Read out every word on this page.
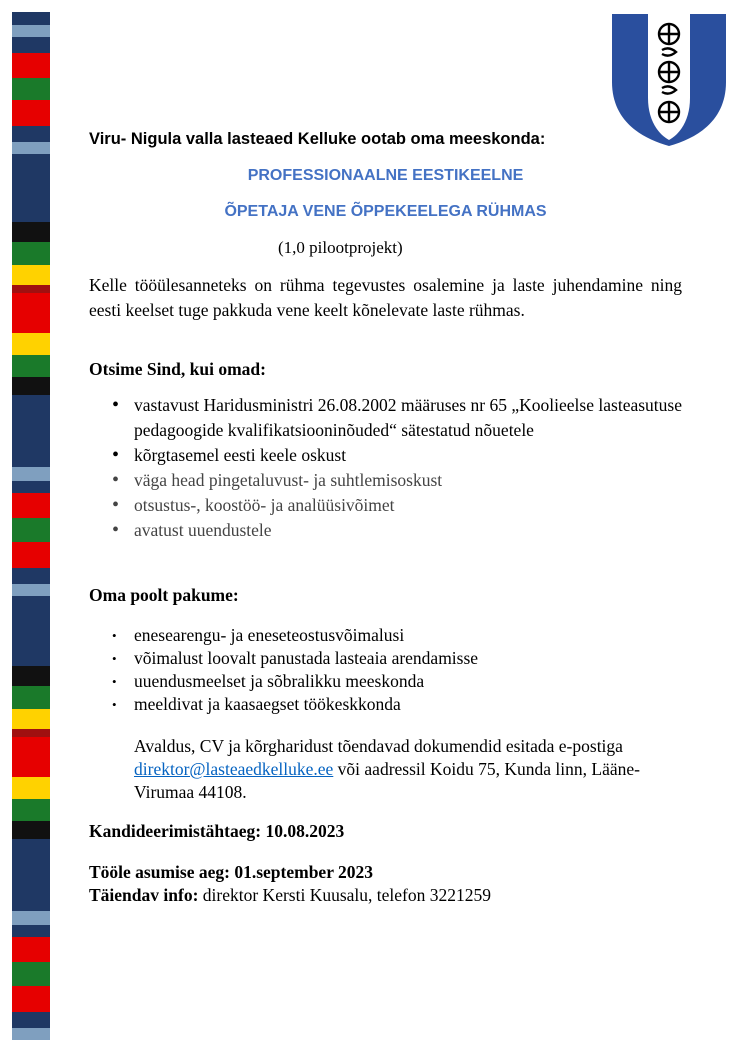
Viru- Nigula valla lasteaed Kelluke ootab oma meeskonda:
PROFESSIONAALNE EESTIKEELNE
ÕPETAJA VENE ÕPPEKEELEGA RÜHMAS
(1,0 pilootprojekt)
Kelle tööülesanneteks on rühma tegevustes osalemine ja laste juhendamine ning eesti keelset tuge pakkuda vene keelt kõnelevate laste rühmas.
Otsime Sind, kui omad:
• vastavust Haridusministri 26.08.2002 määruses nr 65 „Koolieelse lasteasutuse pedagoogide kvalifikatsiooninõuded“ sätestatud nõuetele
• kõrgtasemel eesti keele oskust
• väga head pingetaluvust- ja suhtlemisoskust
• otsustus-, koostöö- ja analüüsivõimet
• avatust uuendustele
Oma poolt pakume:
• enesearengu- ja eneseteostusvõimalusi
• võimalust loovalt panustada lasteaia arendamisse
• uuendusmeelset ja sõbralikku meeskonda
• meeldivat ja kaasaegset töökeskkonda
Avaldus, CV ja kõrgharidust tõendavad dokumendid esitada e-postiga direktor@lasteaedkelluke.ee või aadressil Koidu 75, Kunda linn, Lääne-Virumaa 44108.
Kandideerimistähtaeg: 10.08.2023
Tööle asumise aeg: 01.september 2023
Täiendav info: direktor Kersti Kuusalu, telefon 3221259
